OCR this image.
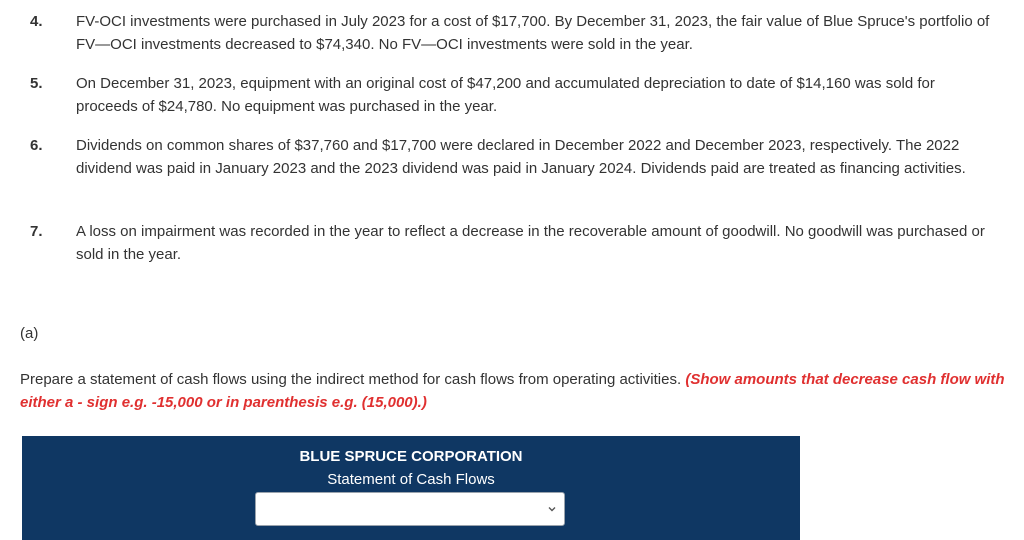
4. FV-OCI investments were purchased in July 2023 for a cost of $17,700. By December 31, 2023, the fair value of Blue Spruce's portfolio of FV—OCI investments decreased to $74,340. No FV—OCI investments were sold in the year.
5. On December 31, 2023, equipment with an original cost of $47,200 and accumulated depreciation to date of $14,160 was sold for proceeds of $24,780. No equipment was purchased in the year.
6. Dividends on common shares of $37,760 and $17,700 were declared in December 2022 and December 2023, respectively. The 2022 dividend was paid in January 2023 and the 2023 dividend was paid in January 2024. Dividends paid are treated as financing activities.
7. A loss on impairment was recorded in the year to reflect a decrease in the recoverable amount of goodwill. No goodwill was purchased or sold in the year.
(a)
Prepare a statement of cash flows using the indirect method for cash flows from operating activities. (Show amounts that decrease cash flow with either a - sign e.g. -15,000 or in parenthesis e.g. (15,000).)
BLUE SPRUCE CORPORATION
Statement of Cash Flows
